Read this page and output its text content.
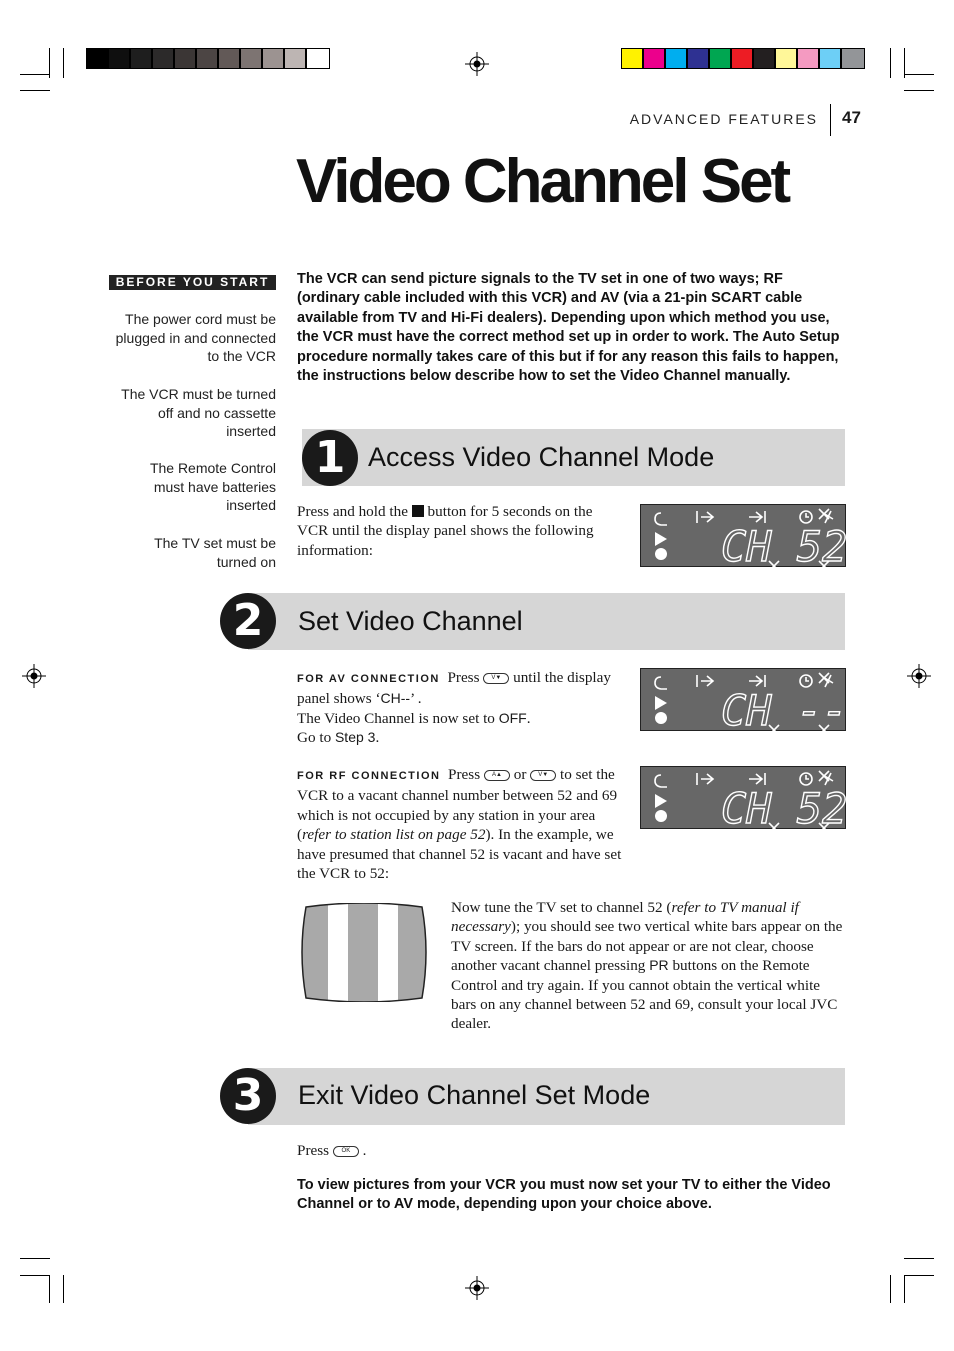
ADVANCED FEATURES 47
Video Channel Set
BEFORE YOU START
The power cord must be plugged in and connected to the VCR
The VCR must be turned off and no cassette inserted
The Remote Control must have batteries inserted
The TV set must be turned on

The VCR can send picture signals to the TV set in one of two ways; RF (ordinary cable included with this VCR) and AV (via a 21-pin SCART cable available from TV and Hi-Fi dealers). Depending upon which method you use, the VCR must have the correct method set up in order to work. The Auto Setup procedure normally takes care of this but if for any reason this fails to happen, the instructions below describe how to set the Video Channel manually.

1 Access Video Channel Mode

Press and hold the button for 5 seconds on the VCR until the display panel shows the following information:	CH 52
2	Set Video Channel

FOR AV CONNECTION Press V▼ until the display panel shows ‘CH--’ .
The Video Channel is now set to OFF.
Go to Step 3.

CH --

FOR RF CONNECTION Press A▲ or V▼ to set the VCR to a vacant channel number between 52 and 69 which is not occupied by any station in your area (refer to station list on page 52). In the example, we have presumed that channel 52 is vacant and have set the VCR to 52:

CH 52

Now tune the TV set to channel 52 (refer to TV manual if necessary); you should see two vertical white bars appear on the TV screen. If the bars do not appear or are not clear, choose another vacant channel pressing PR buttons on the Remote Control and try again. If you cannot obtain the vertical white bars on any channel between 52 and 69, consult your local JVC dealer.

3	Exit Video Channel Set Mode

Press OK .

To view pictures from your VCR you must now set your TV to either the Video Channel or to AV mode, depending upon your choice above.
